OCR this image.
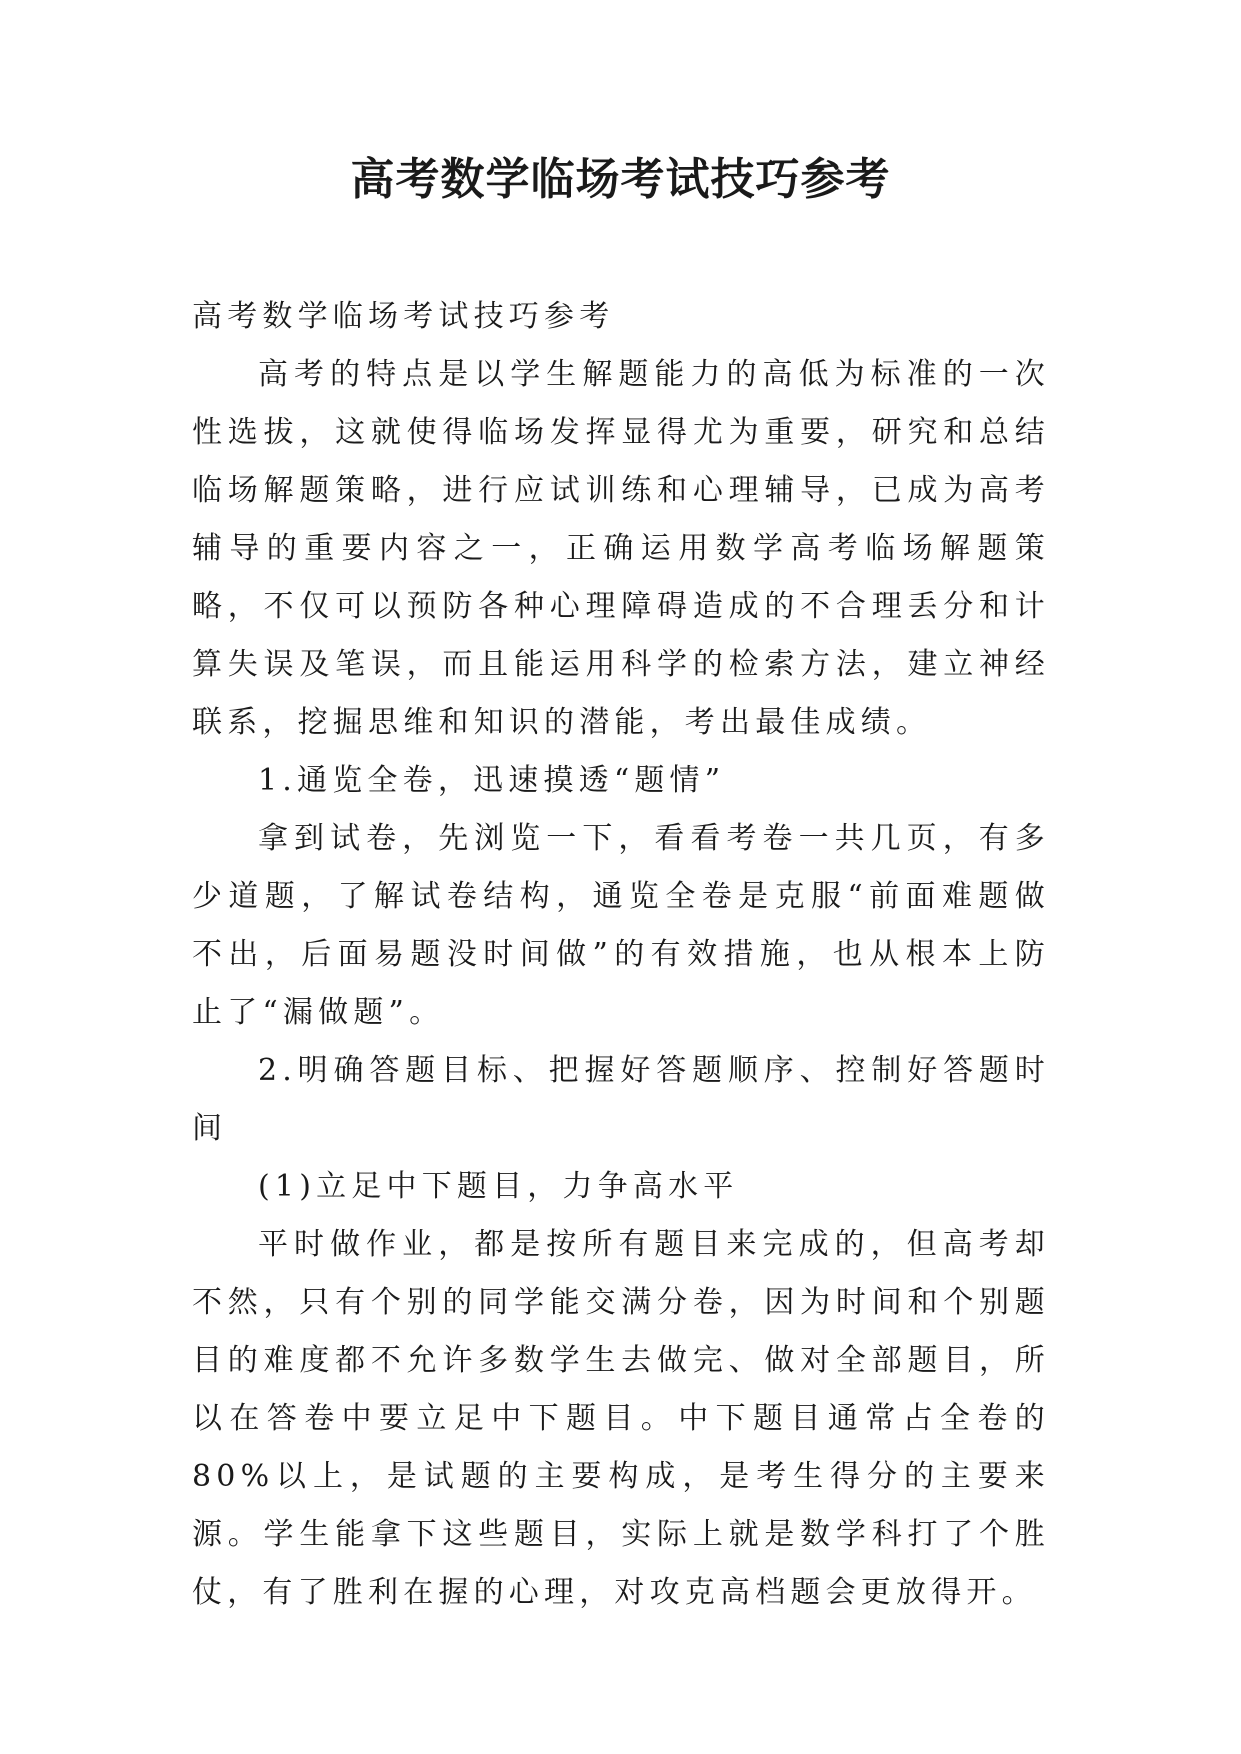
高考数学临场考试技巧参考

高考数学临场考试技巧参考

高考的特点是以学生解题能力的高低为标准的一次性选拔，这就使得临场发挥显得尤为重要，研究和总结临场解题策略，进行应试训练和心理辅导，已成为高考辅导的重要内容之一，正确运用数学高考临场解题策略，不仅可以预防各种心理障碍造成的不合理丢分和计算失误及笔误，而且能运用科学的检索方法，建立神经联系，挖掘思维和知识的潜能，考出最佳成绩。

1.通览全卷，迅速摸透“题情”

拿到试卷，先浏览一下，看看考卷一共几页，有多少道题，了解试卷结构，通览全卷是克服“前面难题做不出，后面易题没时间做”的有效措施，也从根本上防止了“漏做题”。

2.明确答题目标、把握好答题顺序、控制好答题时间

(1)立足中下题目，力争高水平

平时做作业，都是按所有题目来完成的，但高考却不然，只有个别的同学能交满分卷，因为时间和个别题目的难度都不允许多数学生去做完、做对全部题目，所以在答卷中要立足中下题目。中下题目通常占全卷的80%以上，是试题的主要构成，是考生得分的主要来源。学生能拿下这些题目，实际上就是数学科打了个胜仗，有了胜利在握的心理，对攻克高档题会更放得开。
